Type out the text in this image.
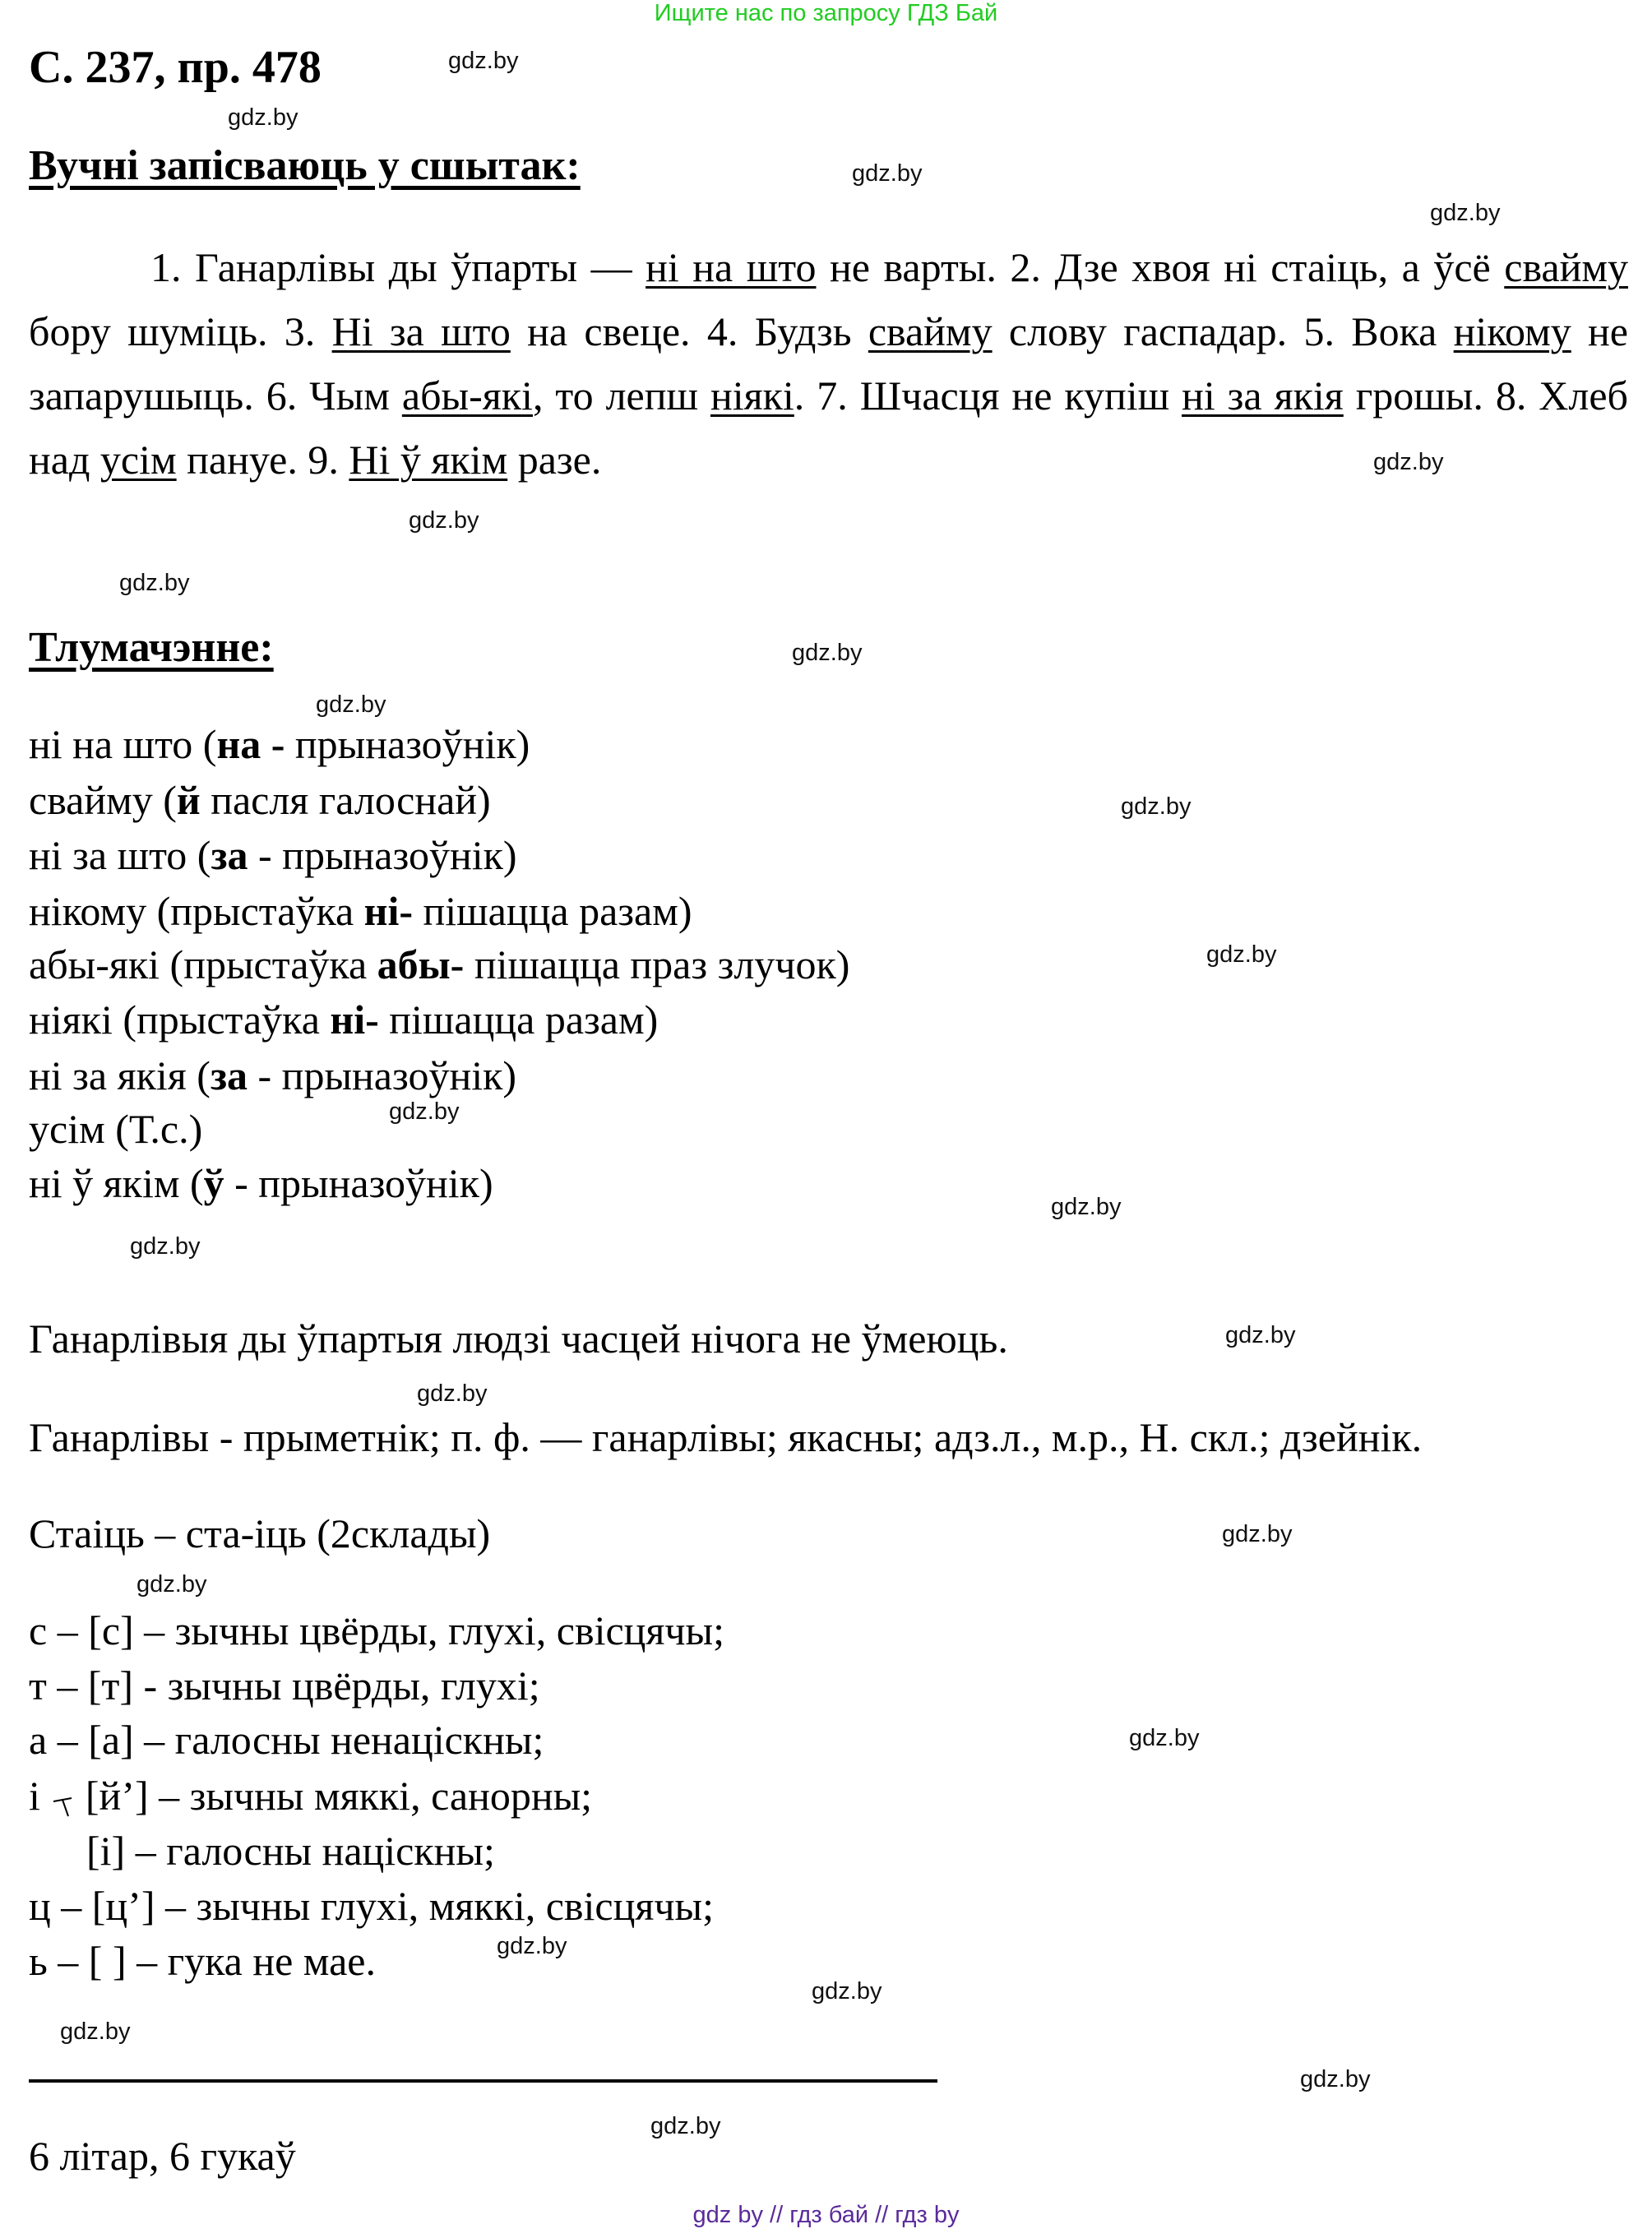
Ищите нас по запросу ГДЗ Бай
С. 237, пр. 478
Вучні запісваюць у сшытак:
1. Ганарлівы ды ўпарты — ні на што не варты. 2. Дзе хвоя ні стаіць, а ўсё свайму бору шуміць. 3. Ні за што на свеце. 4. Будзь свайму слову гаспадар. 5. Вока нікому не запарушыць. 6. Чым абы-які, то лепш ніякі. 7. Шчасця не купіш ні за якія грошы. 8. Хлеб над усім пануе. 9. Ні ў якім разе.
Тлумачэнне:
ні на што (на - прыназоўнік)
свайму (й пасля галоснай)
ні за што (за - прыназоўнік)
нікому (прыстаўка ні- пішацца разам)
абы-які (прыстаўка абы- пішацца праз злучок)
ніякі (прыстаўка ні- пішацца разам)
ні за якія (за - прыназоўнік)
усім (Т.с.)
ні ў якім (ў - прыназоўнік)
Ганарлівыя ды ўпартыя людзі часцей нічога не ўмеюць.
Ганарлівы - прыметнік; п. ф. — ганарлівы; якасны; адз.л., м.р., Н. скл.; дзейнік.
Стаіць – ста-іць (2склады)
с – [с] – зычны цвёрды, глухі, свісцячы;
т – [т] - зычны цвёрды, глухі;
а – [а] – галосны ненаціскны;
і [й’] – зычны мяккі, санорны;
[і] – галосны націскны;
ц – [ц’] – зычны глухі, мяккі, свісцячы;
ь – [ ] – гука не мае.
6 літар, 6 гукаў
gdz.by
gdz.by
gdz.by
gdz.by
gdz.by
gdz.by
gdz.by
gdz.by
gdz.by
gdz.by
gdz.by
gdz.by
gdz.by
gdz.by
gdz.by
gdz.by
gdz.by
gdz.by
gdz.by
gdz.by
gdz.by
gdz.by
gdz.by
gdz.by
gdz by // гдз бай // гдз by
